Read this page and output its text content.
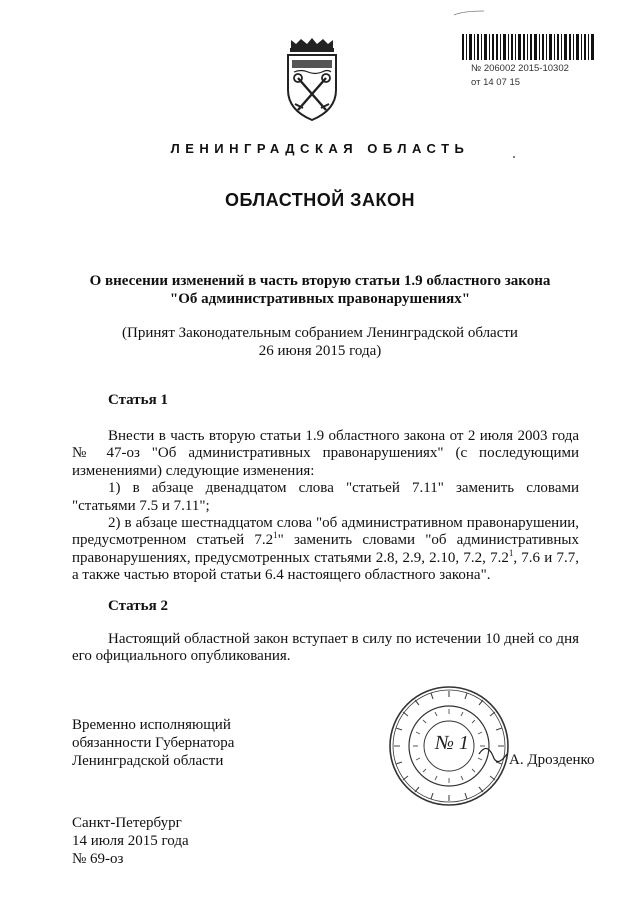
№ 206002 2015-10302
от 14 07 15
ЛЕНИНГРАДСКАЯ ОБЛАСТЬ
ОБЛАСТНОЙ ЗАКОН
О внесении изменений в часть вторую статьи 1.9 областного закона
"Об административных правонарушениях"
(Принят Законодательным собранием Ленинградской области
26 июня 2015 года)
Статья 1

Внести в часть вторую статьи 1.9 областного закона от 2 июля 2003 года № 47-оз "Об административных правонарушениях" (с последующими изменениями) следующие изменения:

1) в абзаце двенадцатом слова "статьей 7.11" заменить словами "статьями 7.5 и 7.11";

2) в абзаце шестнадцатом слова "об административном правонарушении, предусмотренном статьей $7.2^1$" заменить словами "об административных правонарушениях, предусмотренных статьями 2.8, 2.9, 2.10, 7.2, $7.2^1$, 7.6 и 7.7, а также частью второй статьи 6.4 настоящего областного закона".

Статья 2

Настоящий областной закон вступает в силу по истечении 10 дней со дня его официального опубликования.

Временно исполняющий
обязанности Губернатора
Ленинградской области
№ 1
А. Дрозденко
Санкт-Петербург
14 июля 2015 года
№ 69-оз
